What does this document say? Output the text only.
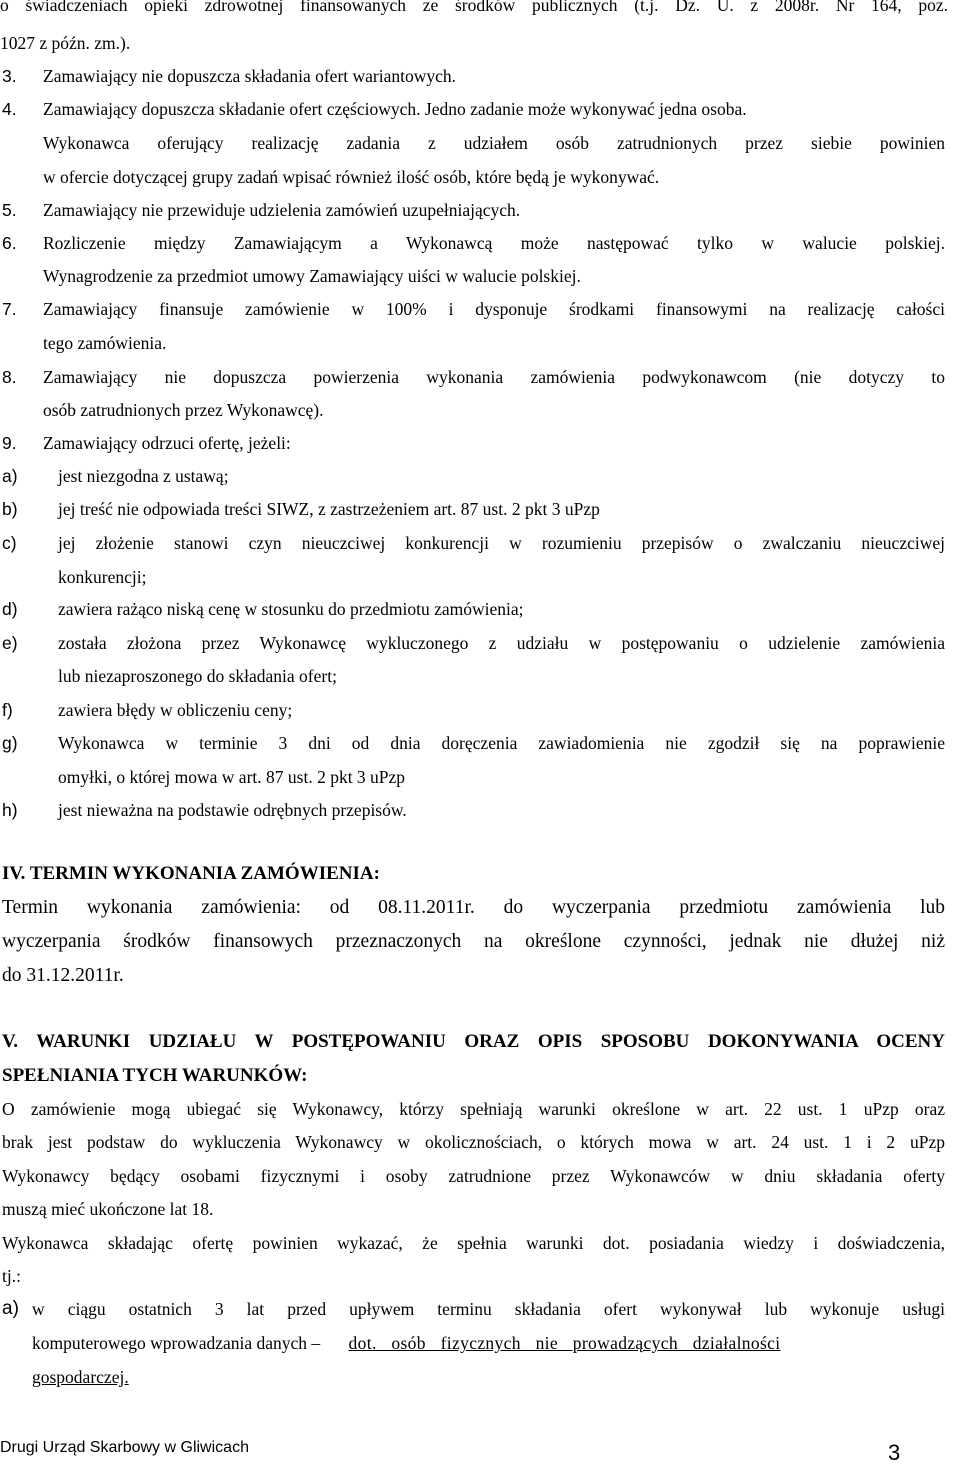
o świadczeniach opieki zdrowotnej finansowanych ze środków publicznych (t.j. Dz. U. z 2008r. Nr 164, poz.
1027 z późn. zm.).
3. Zamawiający nie dopuszcza składania ofert wariantowych.
4. Zamawiający dopuszcza składanie ofert częściowych. Jedno zadanie może wykonywać jedna osoba.
Wykonawca oferujący realizację zadania z udziałem osób zatrudnionych przez siebie powinien
w ofercie dotyczącej grupy zadań wpisać również ilość osób, które będą je wykonywać.
5. Zamawiający nie przewiduje udzielenia zamówień uzupełniających.
6. Rozliczenie między Zamawiającym a Wykonawcą może następować tylko w walucie polskiej.
Wynagrodzenie za przedmiot umowy Zamawiający uiści w walucie polskiej.
7. Zamawiający finansuje zamówienie w 100% i dysponuje środkami finansowymi na realizację całości
tego zamówienia.
8. Zamawiający nie dopuszcza powierzenia wykonania zamówienia podwykonawcom (nie dotyczy to
osób zatrudnionych przez Wykonawcę).
9. Zamawiający odrzuci ofertę, jeżeli:
a) jest niezgodna z ustawą;
b) jej treść nie odpowiada treści SIWZ, z zastrzeżeniem art. 87 ust. 2 pkt 3 uPzp
c) jej złożenie stanowi czyn nieuczciwej konkurencji w rozumieniu przepisów o zwalczaniu nieuczciwej
konkurencji;
d) zawiera rażąco niską cenę w stosunku do przedmiotu zamówienia;
e) została złożona przez Wykonawcę wykluczonego z udziału w postępowaniu o udzielenie zamówienia
lub niezaproszonego do składania ofert;
f)	zawiera błędy w obliczeniu ceny;
g) Wykonawca w terminie 3 dni od dnia doręczenia zawiadomienia nie zgodził się na poprawienie
omyłki, o której mowa w art. 87 ust. 2 pkt 3 uPzp
h) jest nieważna na podstawie odrębnych przepisów.
IV. TERMIN WYKONANIA ZAMÓWIENIA:
Termin wykonania zamówienia: od 08.11.2011r. do wyczerpania przedmiotu zamówienia lub
wyczerpania środków finansowych przeznaczonych na określone czynności, jednak nie dłużej niż
do 31.12.2011r.
V. WARUNKI UDZIAŁU W POSTĘPOWANIU ORAZ OPIS SPOSOBU DOKONYWANIA OCENY
SPEŁNIANIA TYCH WARUNKÓW:
O zamówienie mogą ubiegać się Wykonawcy, którzy spełniają warunki określone w art. 22 ust. 1 uPzp oraz
brak jest podstaw do wykluczenia Wykonawcy w okolicznościach, o których mowa w art. 24 ust. 1 i 2 uPzp
Wykonawcy będący osobami fizycznymi i osoby zatrudnione przez Wykonawców w dniu składania oferty
muszą mieć ukończone lat 18.
Wykonawca składając ofertę powinien wykazać, że spełnia warunki dot. posiadania wiedzy i doświadczenia,
tj.:
a) w ciągu ostatnich 3 lat przed upływem terminu składania ofert wykonywał lub wykonuje usługi
komputerowego wprowadzania danych – dot. osób fizycznych nie prowadzących działalności
gospodarczej.
Drugi Urząd Skarbowy w Gliwicach	3
